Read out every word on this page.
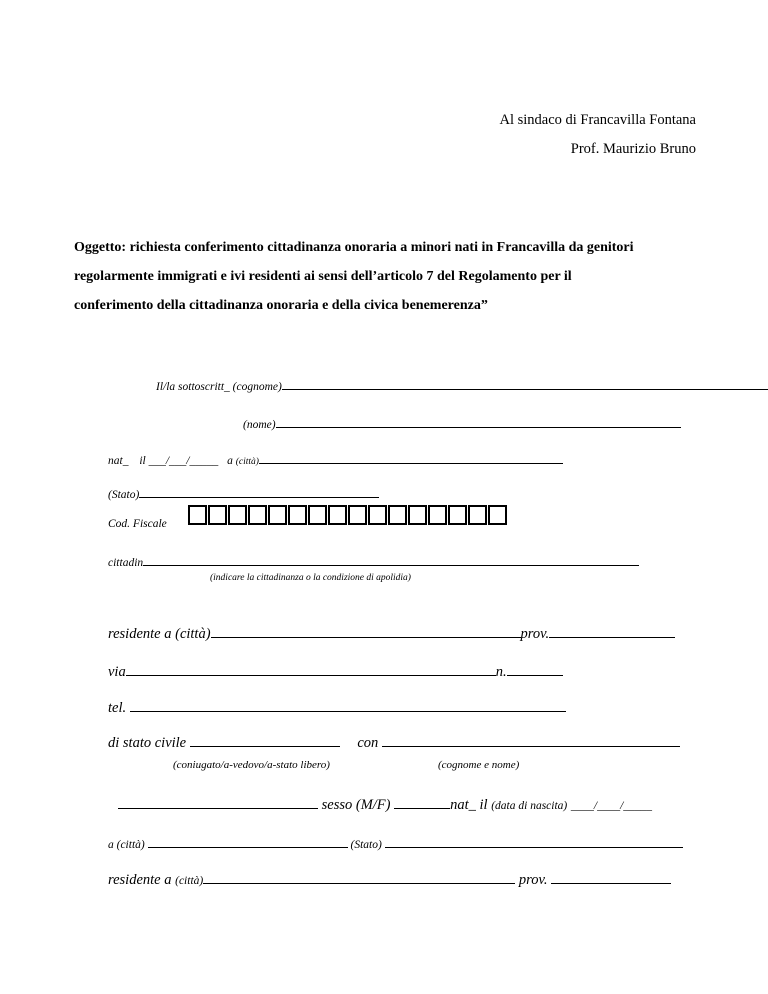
Al sindaco di Francavilla Fontana
Prof. Maurizio Bruno
Oggetto: richiesta conferimento cittadinanza onoraria a minori nati in Francavilla da genitori
regolarmente immigrati e ivi residenti ai sensi dell’articolo 7 del Regolamento per il
conferimento della cittadinanza onoraria e della civica benemerenza”
Il/la sottoscritt_ (cognome)
(nome)
nat_ il ___/___/_____ a (città)
(Stato)
Cod. Fiscale
cittadin
(indicare la cittadinanza o la condizione di apolidia)
residente a (città)	prov.
via	n.
tel.
di stato civile	con
(coniugato/a-vedovo/a-stato libero)	(cognome e nome)
sesso (M/F)	nat_ il (data di nascita) ____/____/_____
a (città)	(Stato)
residente a (città)	prov.
